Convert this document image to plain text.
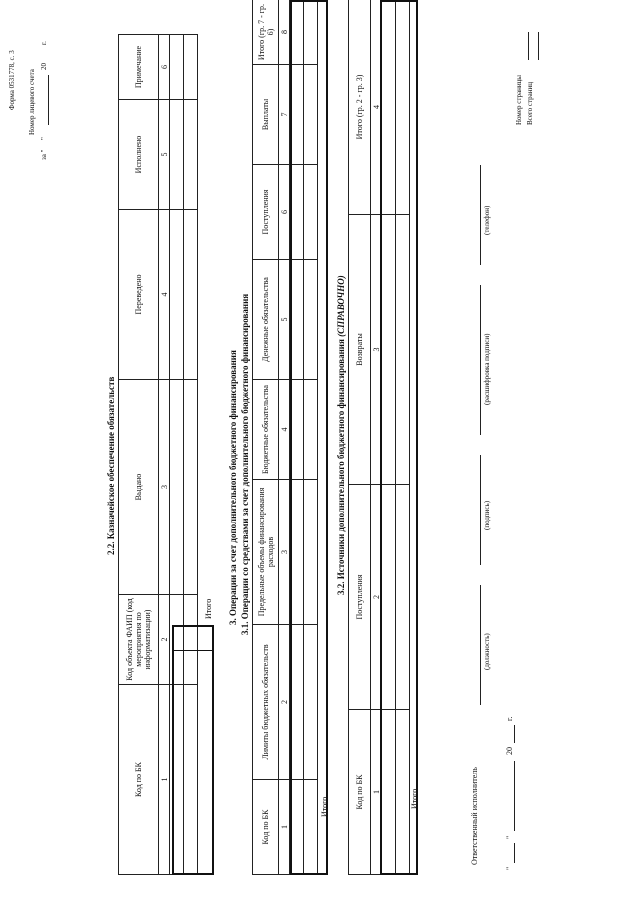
Форма 0531778, с. 3 Номер лицевого счета
за "
"
20
г.
2.2. Казначейское обеспечение обязательств
Код по БК	Код объекта ФАИП (код мероприятия по информатизации)	Выдано	Переведено	Исполнено	Примечание
1	2	3	4	5	6

Итого 3. Операции за счет дополнительного бюджетного финансирования 3.1. Операции со средствами за счет дополнительного бюджетного финансирования
Код по БК	Лимиты бюджетных обязательств	Предельные объемы финансирования расходов	Бюджетные обязательства	Денежные обязательства	Поступления	Выплаты	Итого (гр. 7 - гр. 6)
1	2	3	4	5	6	7	8

Итого
3.2. Источники дополнительного бюджетного финансирования (СПРАВОЧНО)
Код по БК	Поступления	Возвраты	Итого (гр. 2 - гр. 3)
1	2	3	4

Итого	Ответственный исполнитель
(должность)
(подпись)
(расшифровка подписи)
(телефон)
"
"
20
г.
Номер страницы Всего страниц
